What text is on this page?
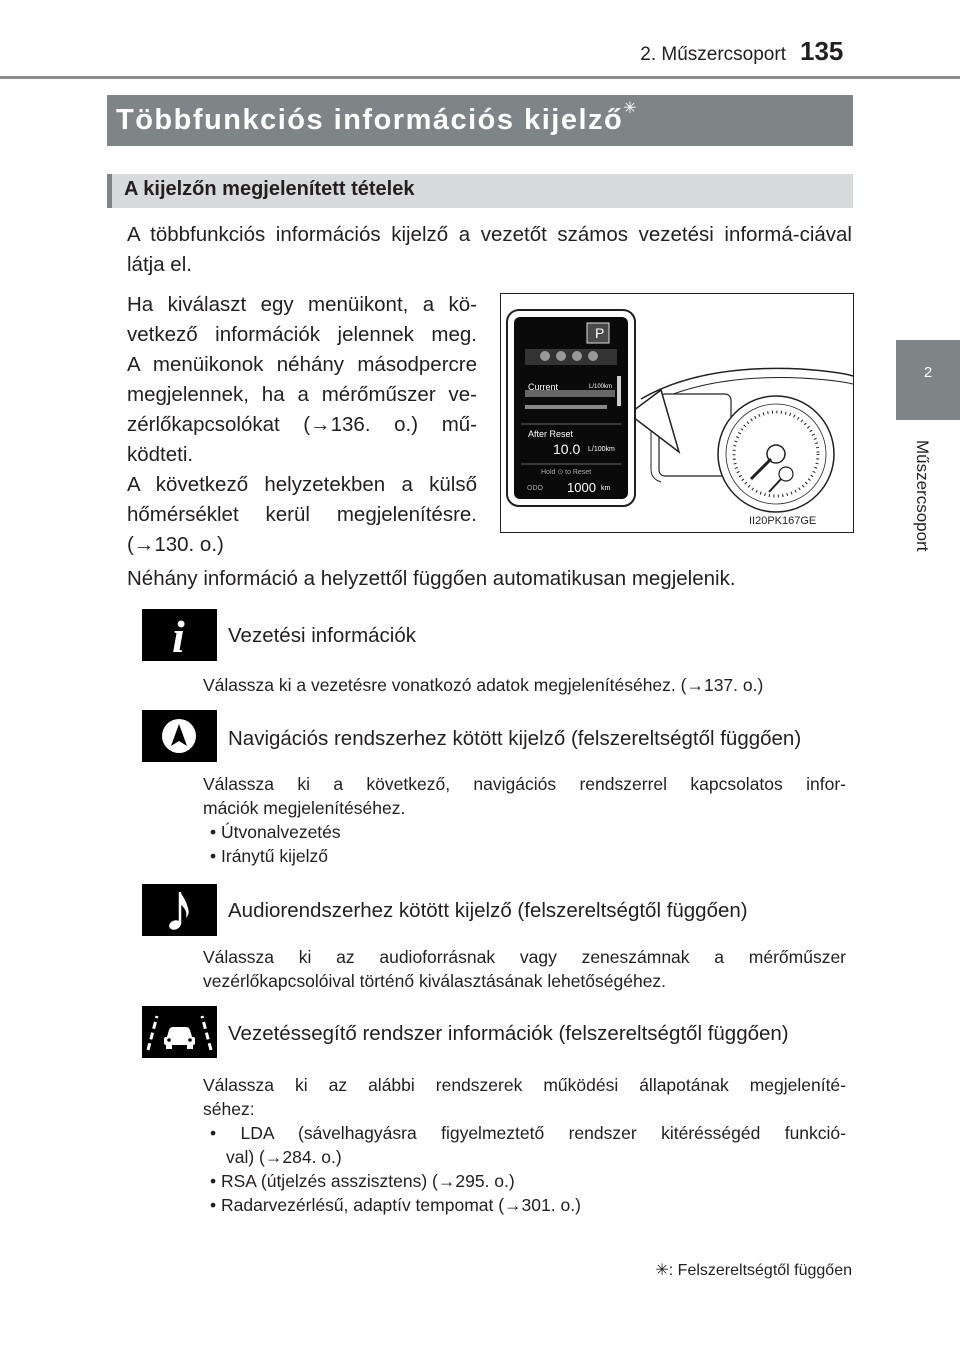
2. Műszercsoport 135
2
Műszercsoport
Többfunkciós információs kijelző✳
A kijelzőn megjelenített tételek
A többfunkciós információs kijelző a vezetőt számos vezetési informá-ciával látja el.
Ha kiválaszt egy menüikont, a kö-
vetkező információk jelennek meg.
A menüikonok néhány másodpercre
megjelennek, ha a mérőműszer ve-
zérlőkapcsolókat (→136. o.) mű-
ködteti.
A következő helyzetekben a külső
hőmérséklet kerül megjelenítésre.
(→130. o.)
P
Current	L/100km
After Reset
10.0 L/100km
Hold ⊙ to Reset
ODO 1000 km
II20PK167GE
Néhány információ a helyzettől függően automatikusan megjelenik.
i Vezetési információk
Válassza ki a vezetésre vonatkozó adatok megjelenítéséhez. (→137. o.)
Navigációs rendszerhez kötött kijelző (felszereltségtől függően)
Válassza ki a következő, navigációs rendszerrel kapcsolatos infor-
mációk megjelenítéséhez.
• Útvonalvezetés
• Iránytű kijelző
Audiorendszerhez kötött kijelző (felszereltségtől függően)
Válassza ki az audioforrásnak vagy zeneszámnak a mérőműszer
vezérlőkapcsolóival történő kiválasztásának lehetőségéhez.
Vezetéssegítő rendszer információk (felszereltségtől függően)
Válassza ki az alábbi rendszerek működési állapotának megjeleníté-
séhez:
• LDA (sávelhagyásra figyelmeztető rendszer kitérésségéd funkció-
val) (→284. o.)
• RSA (útjelzés asszisztens) (→295. o.)
• Radarvezérlésű, adaptív tempomat (→301. o.)
✳: Felszereltségtől függően
